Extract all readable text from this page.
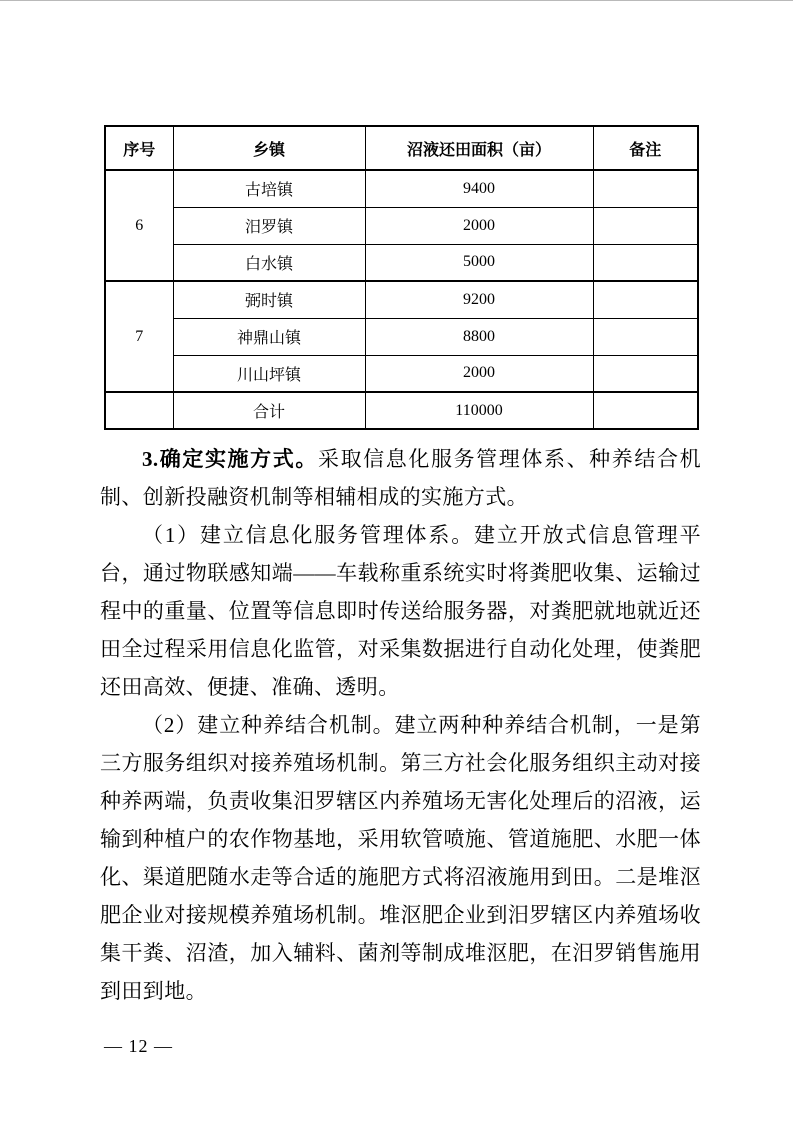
序号	乡镇	沼液还田面积（亩）	备注
6	古培镇	9400	
	汨罗镇	2000	
	白水镇	5000	
7	弼时镇	9200	
	神鼎山镇	8800	
	川山坪镇	2000	
	合计	110000	

3.确定实施方式。采取信息化服务管理体系、种养结合机制、创新投融资机制等相辅相成的实施方式。

（1）建立信息化服务管理体系。建立开放式信息管理平台，通过物联感知端——车载称重系统实时将粪肥收集、运输过程中的重量、位置等信息即时传送给服务器，对粪肥就地就近还田全过程采用信息化监管，对采集数据进行自动化处理，使粪肥还田高效、便捷、准确、透明。

（2）建立种养结合机制。建立两种种养结合机制，一是第三方服务组织对接养殖场机制。第三方社会化服务组织主动对接种养两端，负责收集汨罗辖区内养殖场无害化处理后的沼液，运输到种植户的农作物基地，采用软管喷施、管道施肥、水肥一体化、渠道肥随水走等合适的施肥方式将沼液施用到田。二是堆沤肥企业对接规模养殖场机制。堆沤肥企业到汨罗辖区内养殖场收集干粪、沼渣，加入辅料、菌剂等制成堆沤肥，在汨罗销售施用到田到地。

— 12 —
